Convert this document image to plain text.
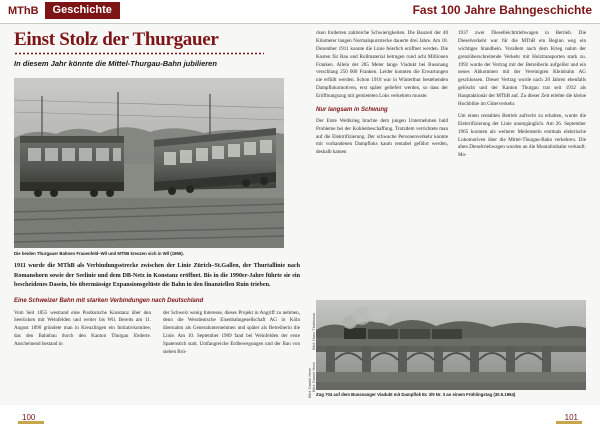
MThB	Geschichte	Fast 100 Jahre Bahngeschichte
Einst Stolz der Thurgauer
In diesem Jahr könnte die Mittel-Thurgau-Bahn jubilieren
Die beiden Thurgauer Bahnen Frauenfeld–Wil und MThB kreuzen sich in Wil (1955).
1911 wurde die MThB als Verbindungsstrecke zwischen der Linie Zürich–St.Gallen, der Thurtallinie nach Romanshorn sowie der Seelinie und dem DB-Netz in Konstanz eröffnet. Bis in die 1990er-Jahre führte sie ein bescheidenes Dasein, bis übermässige Expansionsgelüste die Bahn in den finanziellen Ruin trieben.
Eine Schweizer Bahn mit starken Verbindungen nach Deutschland

Vom Seit 1855 westrand eine Postkutsche Konstanz über den Seerücken mit Weinfelden und weiter bis Wil. Bereits am 11. August 1890 gründete man in Kreuzlingen ein Initiativkomitee, das den Bahnbau durch den Kanton Thurgau förderte. Anscheinend bestand in

der Schweiz wenig Interesse, dieses Projekt in Angriff zu nehmen, denn die Westdeutsche Eisenbahngesellschaft AG in Köln übernahm als Generalunternehmen und später als Betreiberin die Linie. Am 10. September 1909 fand bei Weinfelden der erste Spatenstich statt. Umfangreiche Erdbewegungen und der Bau von sieben Brü-

cken forderten zahlreiche Schwierigkeiten. Die Bauzeit der 40 Kilometer langen Normalspurstrecke dauerte drei Jahre. Am 18. Dezember 1911 konnte die Linie feierlich eröffnet werden. Die Kosten für Bau und Rollmaterial betrugen rund acht Millionen Franken. Allein der 285 Meter lange Viadukt bei Bussnang verschlang 250 000 Franken. Leider konnten die Erwartungen nie erfüllt werden. Schon 1918 war in Winterthur bestehenden Dampflokomotiven, erst später geliefert werden, so dass der Eröffnungszug mit gemieteten Loks verkehren musste.

Nur langsam in Schwung

Der Erste Weltkrieg brachte dem jungen Unternehmen bald Probleme bei der Kohlenbeschaffung. Trotzdem verrichtete man auf die Elektrifizierung. Der schwache Personenverkehr konnte mit vorhandenen Dampfloks kaum rentabel geführt werden, deshalb kamen

1937 zwei Dieselleichttriebwagen in Betrieb. Die Dieselverkehr war für die MThB ein Beginn weg ein wichtiges Standbein. Vorallem nach dem Krieg nahm der grenzüberschreitende Verkehr mit Holztransporten stark zu. 1992 wurde der Vertrag mit der Betreiberin aufgelöst und ein neues Abkommen mit der Vereinigten Kleinbahn AG geschlossen. Dieser Vertrag wurde nach 20 Jahren ebenfalls gelöscht und der Kanton Thurgau trat seit 1932 als Hauptaktionär der MThB auf. Zu dieser Zeit erlebte die kleine Hochblüte im Güterverkehr.

Um einen rentablen Betrieb aufrecht zu erhalten, wurde die Elektrifizierung der Linie unumgänglich. Am 26. September 1965 konnten als weiterer Meilenstein erstmals elektrische Lokomotiven über die Mittel-Thurgau-Bahn verkehren. Die alten Dieseltriebwagen wurden an die Montafonbahn verkauft. Mo-

Zug 704 auf dem Bussnanger Viadukt mit Dampflok Ec 3/5 Nr. 3 an einem Frühlingstag (30.5.1964)
Bild: Daniel Heer Bild: Daniel Heer
Bild: Hans Thalmann
100	101
